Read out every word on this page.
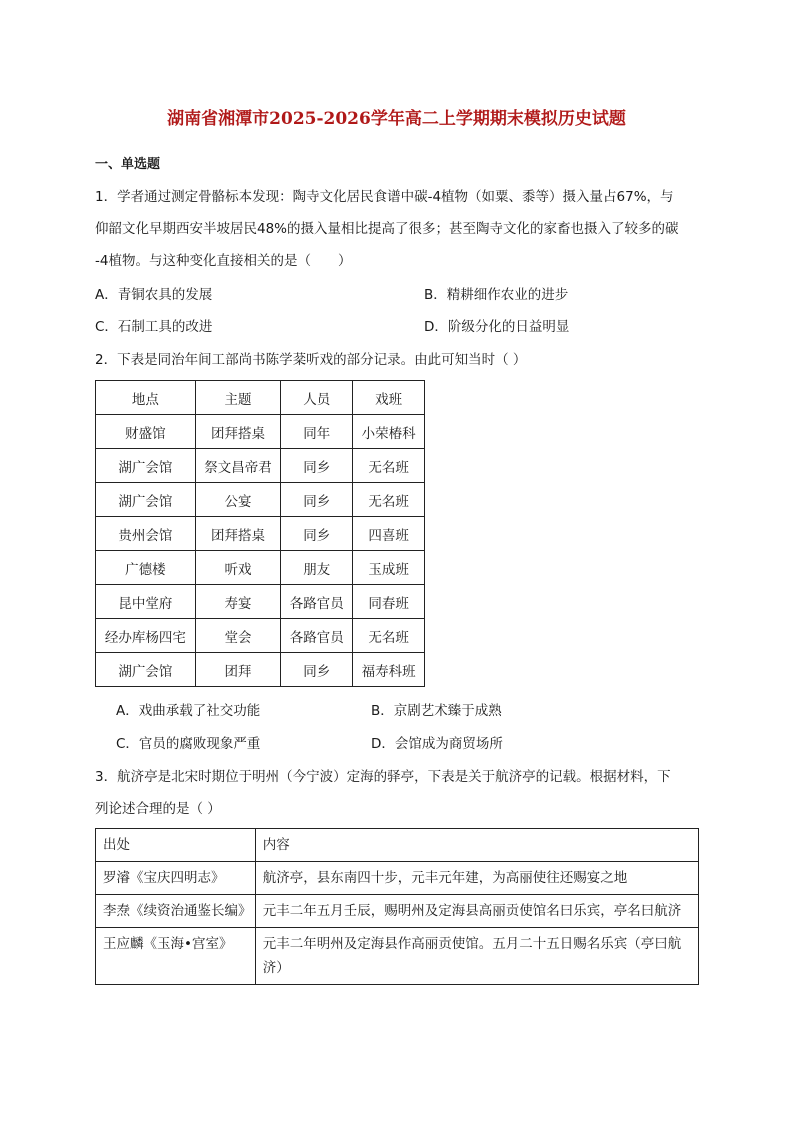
湖南省湘潭市2025-2026学年高二上学期期末模拟历史试题
一、单选题
1．学者通过测定骨骼标本发现：陶寺文化居民食谱中碳-4植物（如粟、黍等）摄入量占67%，与
仰韶文化早期西安半坡居民48%的摄入量相比提高了很多；甚至陶寺文化的家畜也摄入了较多的碳
-4植物。与这种变化直接相关的是（　　）
A．青铜农具的发展	B．精耕细作农业的进步
C．石制工具的改进	D．阶级分化的日益明显
2．下表是同治年间工部尚书陈学棻听戏的部分记录。由此可知当时（ ）
地点	主题	人员	戏班
财盛馆	团拜搭桌	同年	小荣椿科
湖广会馆	祭文昌帝君	同乡	无名班
湖广会馆	公宴	同乡	无名班
贵州会馆	团拜搭桌	同乡	四喜班
广德楼	听戏	朋友	玉成班
昆中堂府	寿宴	各路官员	同春班
经办库杨四宅	堂会	各路官员	无名班
湖广会馆	团拜	同乡	福寿科班
A．戏曲承载了社交功能	B．京剧艺术臻于成熟
C．官员的腐败现象严重	D．会馆成为商贸场所
3．航济亭是北宋时期位于明州（今宁波）定海的驿亭，下表是关于航济亭的记载。根据材料，下
列论述合理的是（ ）
出处	内容
罗濬《宝庆四明志》	航济亭，县东南四十步，元丰元年建，为高丽使往还赐宴之地
李焘《续资治通鉴长编》	元丰二年五月壬辰，赐明州及定海县高丽贡使馆名曰乐宾，亭名曰航济
王应麟《玉海•宫室》	元丰二年明州及定海县作高丽贡使馆。五月二十五日赐名乐宾（亭曰航济）
